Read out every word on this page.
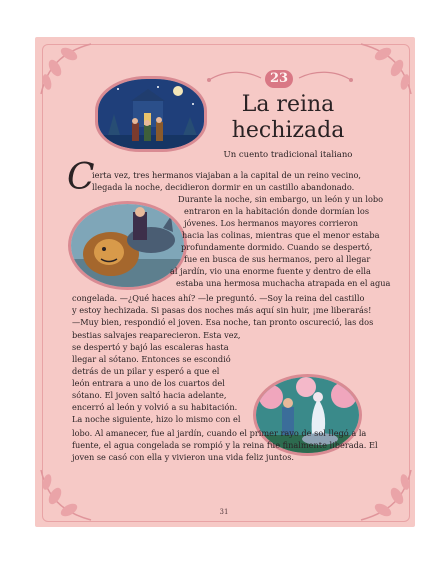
23
La reina
hechizada
Un cuento tradicional italiano
C
ierta vez, tres hermanos viajaban a la capital de un reino vecino,
llegada la noche, decidieron dormir en un castillo abandonado.
Durante la noche, sin embargo, un león y un lobo
entraron en la habitación donde dormían los
jóvenes. Los hermanos mayores corrieron
hacia las colinas, mientras que el menor estaba
profundamente dormido. Cuando se despertó,
fue en busca de sus hermanos, pero al llegar
al jardín, vio una enorme fuente y dentro de ella
estaba una hermosa muchacha atrapada en el agua
congelada. —¿Qué haces ahí? —le preguntó. —Soy la reina del castillo
y estoy hechizada. Si pasas dos noches más aquí sin huir, ¡me liberarás!
—Muy bien, respondió el joven. Esa noche, tan pronto oscureció, las dos
bestias salvajes reaparecieron. Esta vez,
se despertó y bajó las escaleras hasta
llegar al sótano. Entonces se escondió
detrás de un pilar y esperó a que el
león entrara a uno de los cuartos del
sótano. El joven saltó hacia adelante,
encerró al león y volvió a su habitación.
La noche siguiente, hizo lo mismo con el
lobo. Al amanecer, fue al jardín, cuando el primer rayo de sol llegó a la
fuente, el agua congelada se rompió y la reina fue finalmente liberada. El
joven se casó con ella y vivieron una vida feliz juntos.
31
